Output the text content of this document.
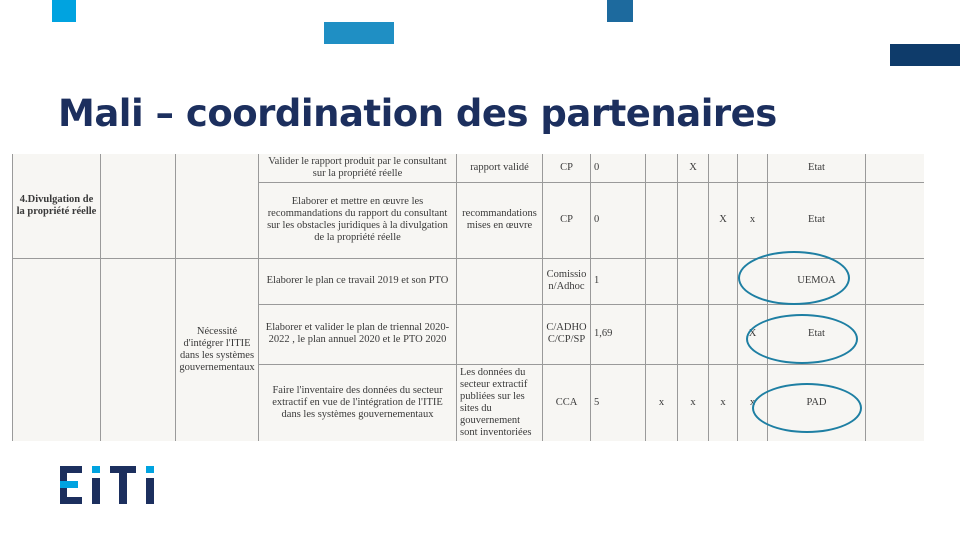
Mali – coordination des partenaires
4.Divulgation de la propriété réelle			Valider le rapport produit par le consultant sur la propriété réelle	rapport validé	CP	0		X			Etat	
			Elaborer et mettre en œuvre les recommandations du rapport du consultant sur les obstacles juridiques à la divulgation de la propriété réelle	recommandations mises en œuvre	CP	0			X	x	Etat	
		Nécessité d'intégrer l'ITIE dans les systèmes gouvernementaux	Elaborer le plan ce travail 2019 et son PTO		Comissio n/Adhoc	1					UEMOA	
			Elaborer et valider le plan de triennal 2020-2022 , le plan annuel 2020 et le PTO 2020		C/ADHO C/CP/SP	1,69				X	Etat	
			Faire l'inventaire des données du secteur extractif en vue de l'intégration de l'ITIE dans les systèmes gouvernementaux	Les données du secteur extractif publiées sur les sites du gouvernement sont inventoriées	CCA	5	x	x	x	x	PAD	
